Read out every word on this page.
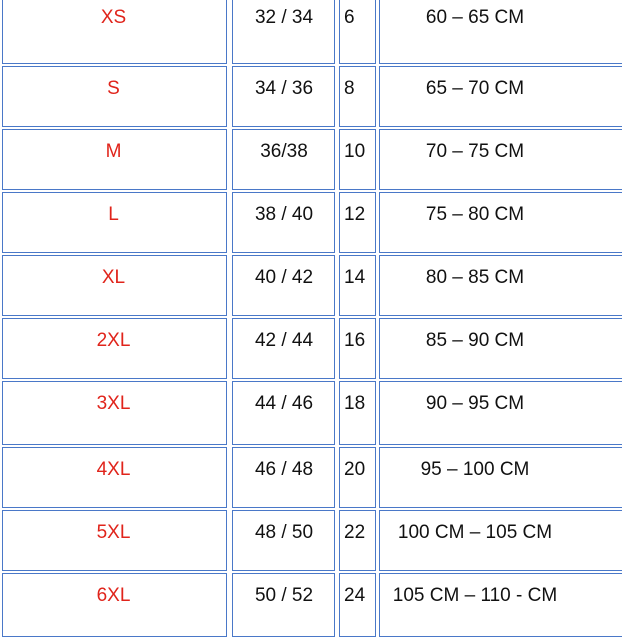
XS	32 / 34	6	60 – 65 CM
S	34 / 36	8	65 – 70 CM
M	36/38	10	70 – 75 CM
L	38 / 40	12	75 – 80 CM
XL	40 / 42	14	80 – 85 CM
2XL	42 / 44	16	85 – 90 CM
3XL	44 / 46	18	90 – 95 CM
4XL	46 / 48	20	95 – 100 CM
5XL	48 / 50	22	100 CM – 105 CM
6XL	50 / 52	24	105 CM – 110 - CM
